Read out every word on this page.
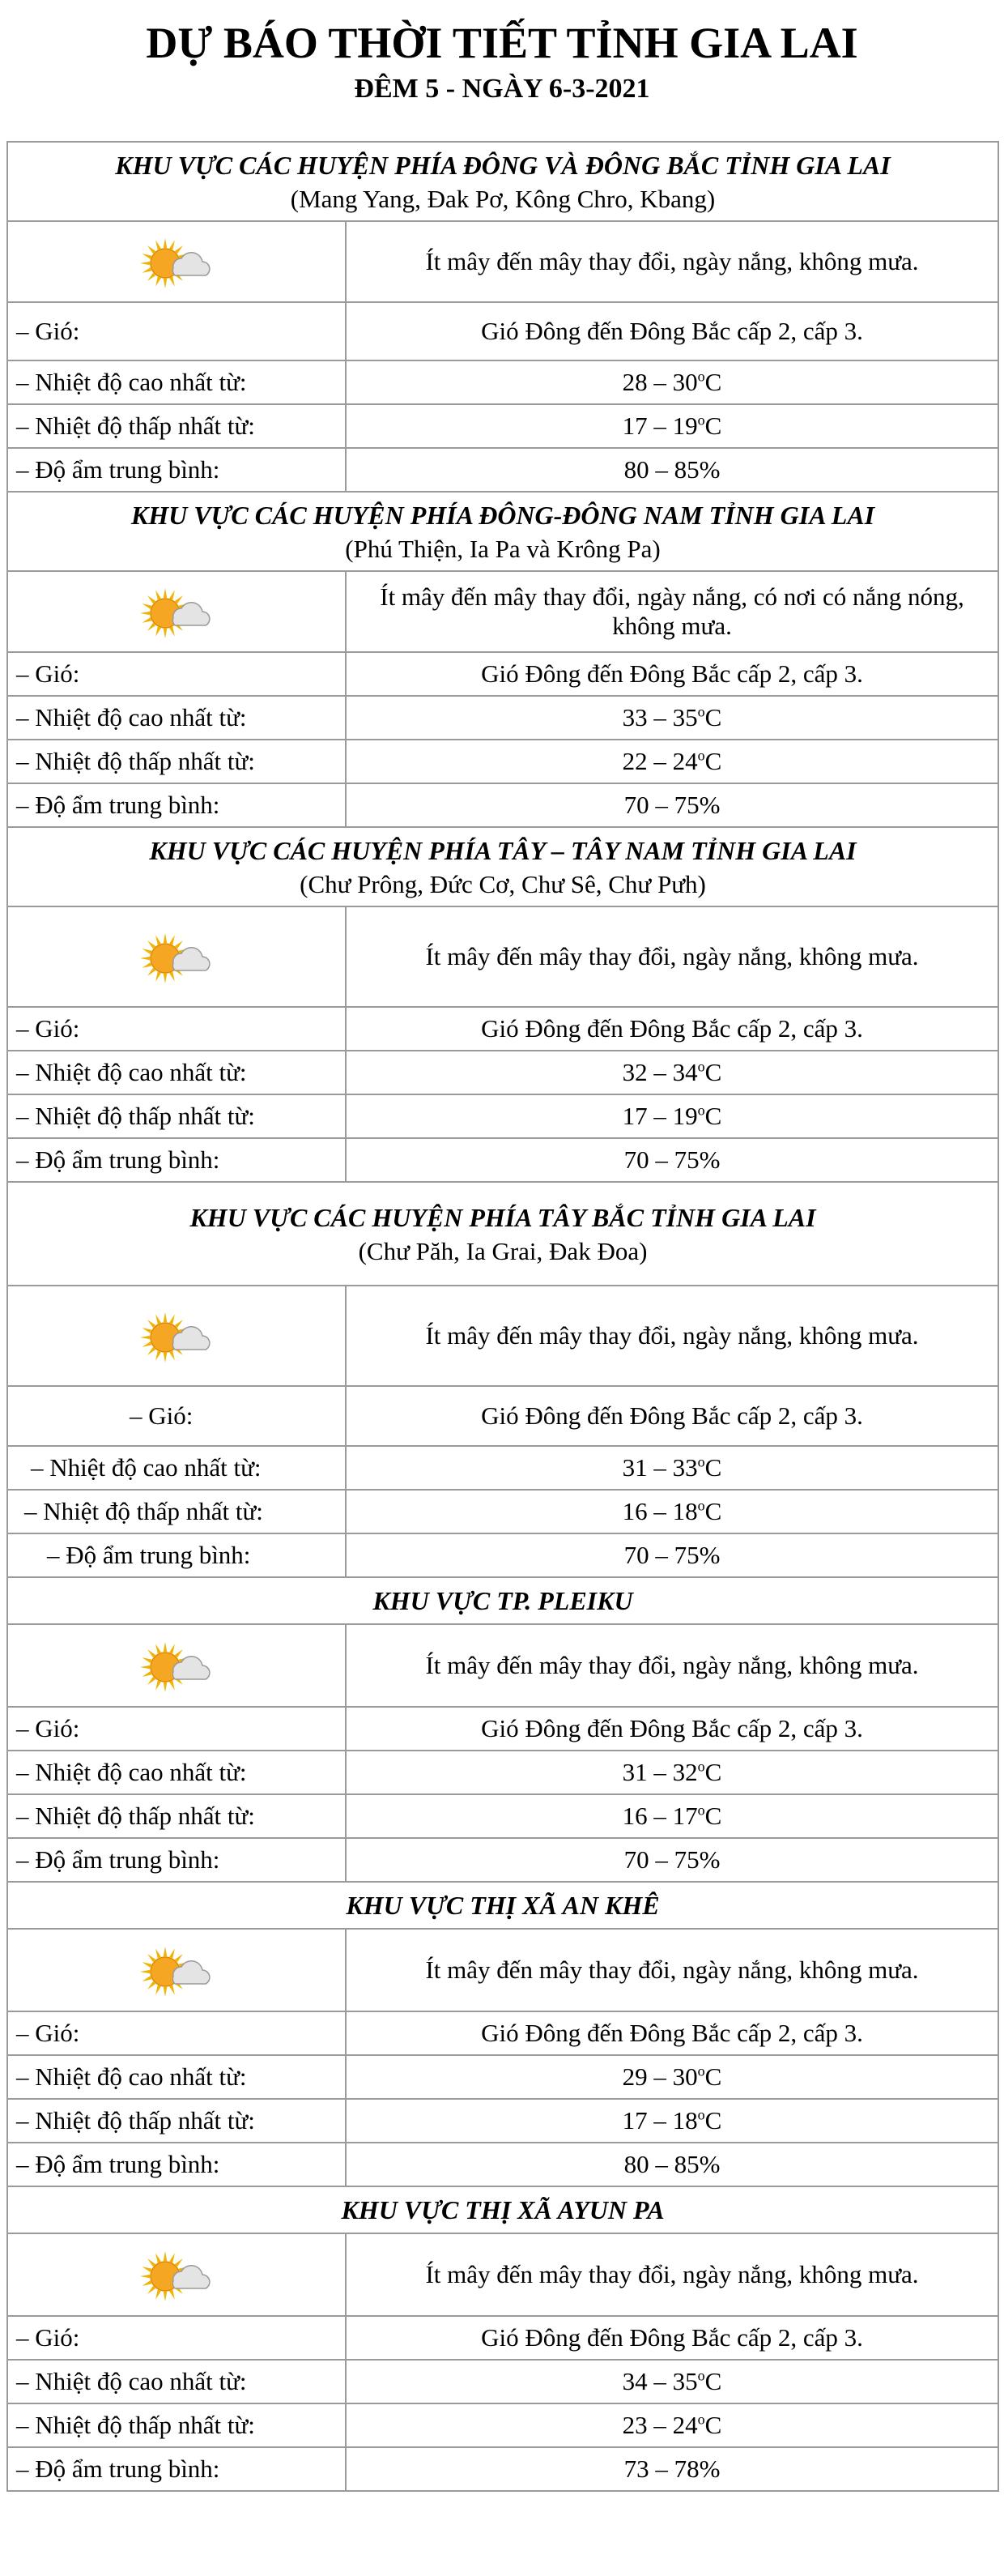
DỰ BÁO THỜI TIẾT TỈNH GIA LAI
ĐÊM 5 - NGÀY 6-3-2021
KHU VỰC CÁC HUYỆN PHÍA ĐÔNG VÀ ĐÔNG BẮC TỈNH GIA LAI
(Mang Yang, Đak Pơ, Kông Chro, Kbang)	

	Ít mây đến mây thay đổi, ngày nắng, không mưa.
– Gió:	Gió Đông đến Đông Bắc cấp 2, cấp 3.
– Nhiệt độ cao nhất từ:	28 – 30$^o$C
– Nhiệt độ thấp nhất từ:	17 – 19$^o$C
– Độ ẩm trung bình:	80 – 85%

KHU VỰC CÁC HUYỆN PHÍA ĐÔNG-ĐÔNG NAM TỈNH GIA LAI
(Phú Thiện, Ia Pa và Krông Pa)	

	Ít mây đến mây thay đổi, ngày nắng, có nơi có nắng nóng, không mưa.
– Gió:	Gió Đông đến Đông Bắc cấp 2, cấp 3.
– Nhiệt độ cao nhất từ:	33 – 35$^o$C
– Nhiệt độ thấp nhất từ:	22 – 24$^o$C
– Độ ẩm trung bình:	70 – 75%

KHU VỰC CÁC HUYỆN PHÍA TÂY – TÂY NAM TỈNH GIA LAI
(Chư Prông, Đức Cơ, Chư Sê, Chư Pưh)	

	Ít mây đến mây thay đổi, ngày nắng, không mưa.
– Gió:	Gió Đông đến Đông Bắc cấp 2, cấp 3.
– Nhiệt độ cao nhất từ:	32 – 34$^o$C
– Nhiệt độ thấp nhất từ:	17 – 19$^o$C
– Độ ẩm trung bình:	70 – 75%

KHU VỰC CÁC HUYỆN PHÍA TÂY BẮC TỈNH GIA LAI
(Chư Păh, Ia Grai, Đak Đoa)	

	Ít mây đến mây thay đổi, ngày nắng, không mưa.
– Gió:	Gió Đông đến Đông Bắc cấp 2, cấp 3.
– Nhiệt độ cao nhất từ:	31 – 33$^o$C
– Nhiệt độ thấp nhất từ:	16 – 18$^o$C
– Độ ẩm trung bình:	70 – 75%

KHU VỰC TP. PLEIKU	

	Ít mây đến mây thay đổi, ngày nắng, không mưa.
– Gió:	Gió Đông đến Đông Bắc cấp 2, cấp 3.
– Nhiệt độ cao nhất từ:	31 – 32$^o$C
– Nhiệt độ thấp nhất từ:	16 – 17$^o$C
– Độ ẩm trung bình:	70 – 75%

KHU VỰC THỊ XÃ AN KHÊ	

	Ít mây đến mây thay đổi, ngày nắng, không mưa.
– Gió:	Gió Đông đến Đông Bắc cấp 2, cấp 3.
– Nhiệt độ cao nhất từ:	29 – 30$^o$C
– Nhiệt độ thấp nhất từ:	17 – 18$^o$C
– Độ ẩm trung bình:	80 – 85%

KHU VỰC THỊ XÃ AYUN PA	

	Ít mây đến mây thay đổi, ngày nắng, không mưa.
– Gió:	Gió Đông đến Đông Bắc cấp 2, cấp 3.
– Nhiệt độ cao nhất từ:	34 – 35$^o$C
– Nhiệt độ thấp nhất từ:	23 – 24$^o$C
– Độ ẩm trung bình:	73 – 78%
